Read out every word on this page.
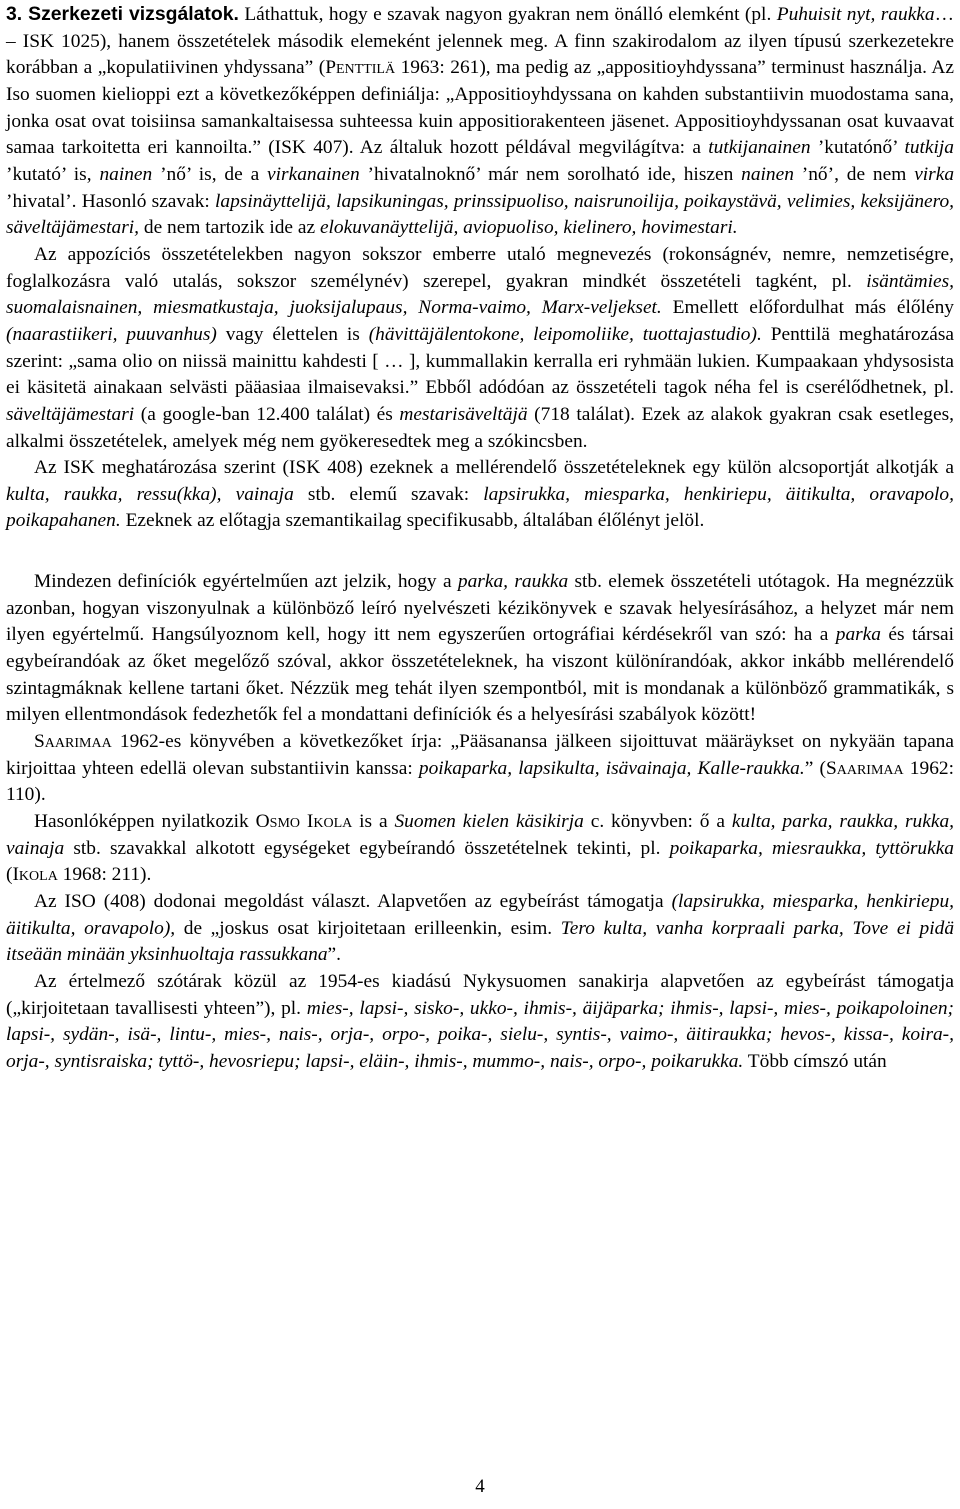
3. Szerkezeti vizsgálatok. Láthattuk, hogy e szavak nagyon gyakran nem önálló elemként (pl. Puhuisit nyt, raukka… – ISK 1025), hanem összetételek második elemeként jelennek meg. A finn szakirodalom az ilyen típusú szerkezetekre korábban a „kopulatiivinen yhdyssana” (Penttilä 1963: 261), ma pedig az „appositioyhdyssana” terminust használja. Az Iso suomen kielioppi ezt a következőképpen definiálja: „Appositioyhdyssana on kahden substantiivin muodostama sana, jonka osat ovat toisiinsa samankaltaisessa suhteessa kuin appositiorakenteen jäsenet. Appositioyhdyssanan osat kuvaavat samaa tarkoitetta eri kannoilta.” (ISK 407). Az általuk hozott példával megvilágítva: a tutkijanainen ’kutatónő’ tutkija ’kutató’ is, nainen ’nő’ is, de a virkanainen ’hivatalnoknő’ már nem sorolható ide, hiszen nainen ’nő’, de nem virka ’hivatal’. Hasonló szavak: lapsinäyttelijä, lapsikuningas, prinssipuoliso, naisrunoilija, poikaystävä, velimies, keksijänero, säveltäjämestari, de nem tartozik ide az elokuvanäyttelijä, aviopuoliso, kielinero, hovimestari.

Az appozíciós összetételekben nagyon sokszor emberre utaló megnevezés (rokonságnév, nemre, nemzetiségre, foglalkozásra való utalás, sokszor személynév) szerepel, gyakran mindkét összetételi tagként, pl. isäntämies, suomalaisnainen, miesmatkustaja, juoksijalupaus, Norma-vaimo, Marx-veljekset. Emellett előfordulhat más élőlény (naarastiikeri, puuvanhus) vagy élettelen is (hävittäjälentokone, leipomoliike, tuottajastudio). Penttilä meghatározása szerint: „sama olio on niissä mainittu kahdesti [ … ], kummallakin kerralla eri ryhmään lukien. Kumpaakaan yhdysosista ei käsitetä ainakaan selvästi pääasiaa ilmaisevaksi.” Ebből adódóan az összetételi tagok néha fel is cserélődhetnek, pl. säveltäjämestari (a google-ban 12.400 találat) és mestarisäveltäjä (718 találat). Ezek az alakok gyakran csak esetleges, alkalmi összetételek, amelyek még nem gyökeresedtek meg a szókincsben.

Az ISK meghatározása szerint (ISK 408) ezeknek a mellérendelő összetételeknek egy külön alcsoportját alkotják a kulta, raukka, ressu(kka), vainaja stb. elemű szavak: lapsirukka, miesparka, henkiriepu, äitikulta, oravapolo, poikapahanen. Ezeknek az előtagja szemantikailag specifikusabb, általában élőlényt jelöl.

Mindezen definíciók egyértelműen azt jelzik, hogy a parka, raukka stb. elemek összetételi utótagok. Ha megnézzük azonban, hogyan viszonyulnak a különböző leíró nyelvészeti kézikönyvek e szavak helyesírásához, a helyzet már nem ilyen egyértelmű. Hangsúlyoznom kell, hogy itt nem egyszerűen ortográfiai kérdésekről van szó: ha a parka és társai egybeírandóak az őket megelőző szóval, akkor összetételeknek, ha viszont különírandóak, akkor inkább mellérendelő szintagmáknak kellene tartani őket. Nézzük meg tehát ilyen szempontból, mit is mondanak a különböző grammatikák, s milyen ellentmondások fedezhetők fel a mondattani definíciók és a helyesírási szabályok között!

Saarimaa 1962-es könyvében a következőket írja: „Pääsanansa jälkeen sijoittuvat määräykset on nykyään tapana kirjoittaa yhteen edellä olevan substantiivin kanssa: poikaparka, lapsikulta, isävainaja, Kalle-raukka.” (Saarimaa 1962: 110).

Hasonlóképpen nyilatkozik Osmo Ikola is a Suomen kielen käsikirja c. könyvben: ő a kulta, parka, raukka, rukka, vainaja stb. szavakkal alkotott egységeket egybeírandó összetételnek tekinti, pl. poikaparka, miesraukka, tyttörukka (Ikola 1968: 211).

Az ISO (408) dodonai megoldást választ. Alapvetően az egybeírást támogatja (lapsirukka, miesparka, henkiriepu, äitikulta, oravapolo), de „joskus osat kirjoitetaan erilleenkin, esim. Tero kulta, vanha korpraali parka, Tove ei pidä itseään minään yksinhuoltaja rassukkana”.

Az értelmező szótárak közül az 1954-es kiadású Nykysuomen sanakirja alapvetően az egybeírást támogatja („kirjoitetaan tavallisesti yhteen”), pl. mies-, lapsi-, sisko-, ukko-, ihmis-, äijäparka; ihmis-, lapsi-, mies-, poikapoloinen; lapsi-, sydän-, isä-, lintu-, mies-, nais-, orja-, orpo-, poika-, sielu-, syntis-, vaimo-, äitiraukka; hevos-, kissa-, koira-, orja-, syntisraiska; tyttö-, hevosriepu; lapsi-, eläin-, ihmis-, mummo-, nais-, orpo-, poikarukka. Több címszó után

4
